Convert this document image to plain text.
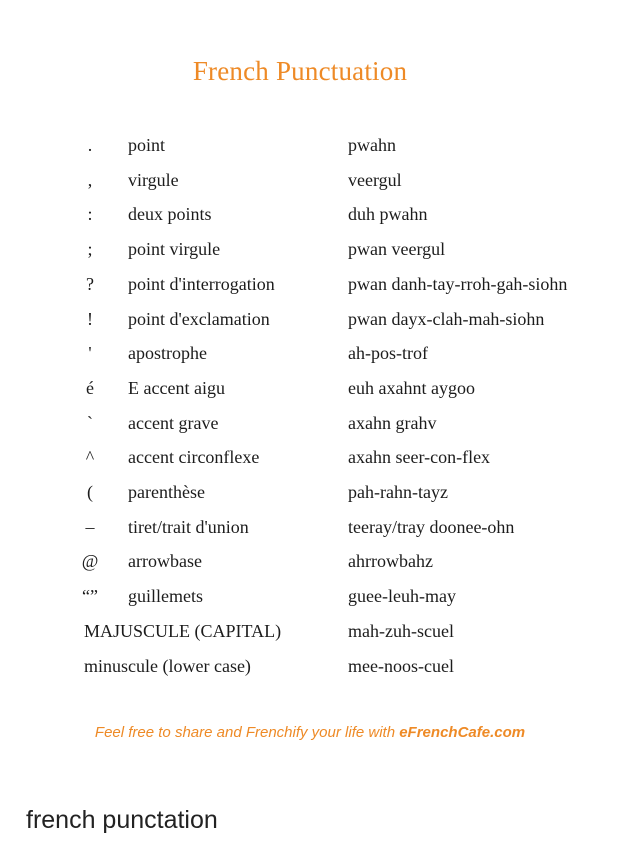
French Punctuation
.	point	pwahn
,	virgule	veergul
:	deux points	duh pwahn
;	point virgule	pwan veergul
?	point d'interrogation	pwan danh-tay-rroh-gah-siohn
!	point d'exclamation	pwan dayx-clah-mah-siohn
'	apostrophe	ah-pos-trof
é	E accent aigu	euh axahnt aygoo
`	accent grave	axahn grahv
^	accent circonflexe	axahn seer-con-flex
(	parenthèse	pah-rahn-tayz
–	tiret/trait d'union	teeray/tray doonee-ohn
@ arrowbase	ahrrowbahz
“” guillemets	guee-leuh-may
MAJUSCULE (CAPITAL)	mah-zuh-scuel
minuscule (lower case)	mee-noos-cuel
Feel free to share and Frenchify your life with eFrenchCafe.com
french punctation
